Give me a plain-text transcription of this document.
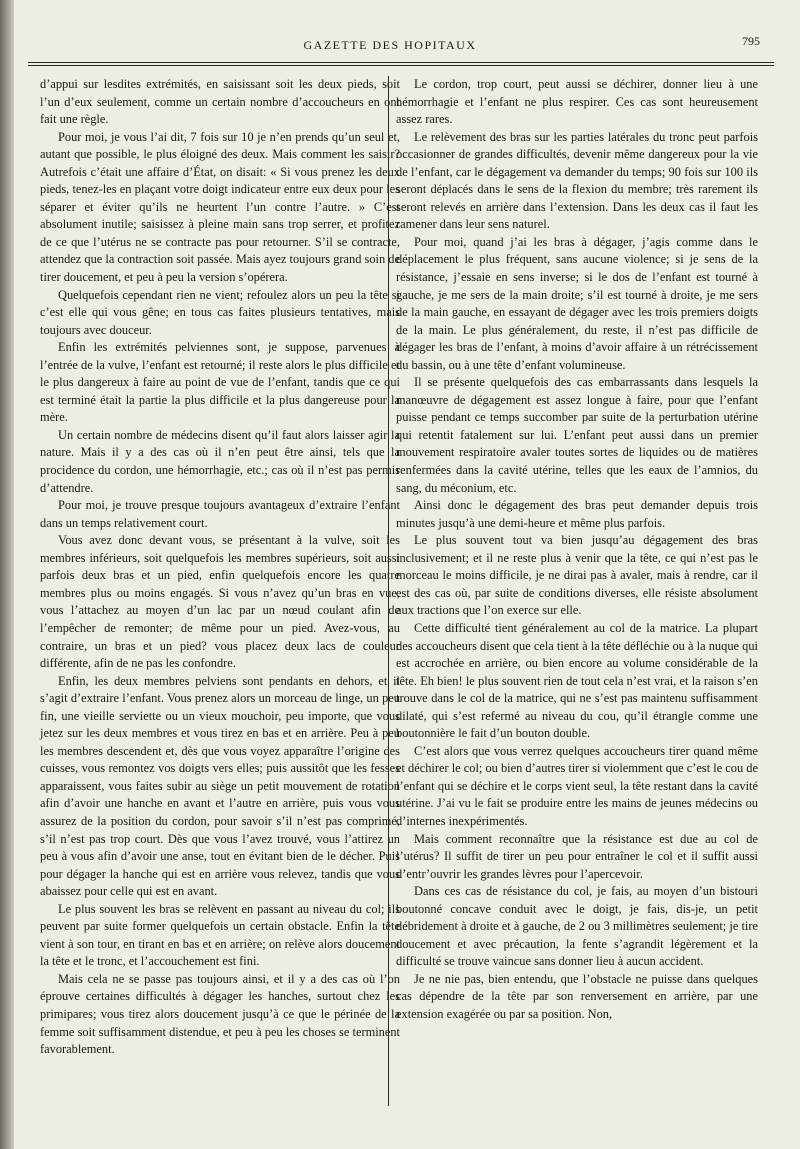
GAZETTE DES HOPITAUX	795

d’appui sur lesdites extrémités, en saisissant soit les deux pieds, soit l’un d’eux seulement, comme un certain nombre d’accoucheurs en ont fait une règle.

Pour moi, je vous l’ai dit, 7 fois sur 10 je n’en prends qu’un seul et, autant que possible, le plus éloigné des deux. Mais comment les saisir? Autrefois c’était une affaire d’État, on disait: « Si vous prenez les deux pieds, tenez-les en plaçant votre doigt indicateur entre eux deux pour les séparer et éviter qu’ils ne heurtent l’un contre l’autre. » C’est absolument inutile; saisissez à pleine main sans trop serrer, et profitez de ce que l’utérus ne se contracte pas pour retourner. S’il se contracte, attendez que la contraction soit passée. Mais ayez toujours grand soin de tirer doucement, et peu à peu la version s’opérera.

Quelquefois cependant rien ne vient; refoulez alors un peu la tête si c’est elle qui vous gêne; en tous cas faites plusieurs tentatives, mais toujours avec douceur.

Enfin les extrémités pelviennes sont, je suppose, parvenues à l’entrée de la vulve, l’enfant est retourné; il reste alors le plus difficile et le plus dangereux à faire au point de vue de l’enfant, tandis que ce qui est terminé était la partie la plus difficile et la plus dangereuse pour la mère.

Un certain nombre de médecins disent qu’il faut alors laisser agir la nature. Mais il y a des cas où il n’en peut être ainsi, tels que la procidence du cordon, une hémorrhagie, etc.; cas où il n’est pas permis d’attendre.

Pour moi, je trouve presque toujours avantageux d’extraire l’enfant dans un temps relativement court.

Vous avez donc devant vous, se présentant à la vulve, soit les membres inférieurs, soit quelquefois les membres supérieurs, soit aussi parfois deux bras et un pied, enfin quelquefois encore les quatre membres plus ou moins engagés. Si vous n’avez qu’un bras en vue, vous l’attachez au moyen d’un lac par un nœud coulant afin de l’empêcher de remonter; de même pour un pied. Avez-vous, au contraire, un bras et un pied? vous placez deux lacs de couleur différente, afin de ne pas les confondre.

Enfin, les deux membres pelviens sont pendants en dehors, et il s’agit d’extraire l’enfant. Vous prenez alors un morceau de linge, un peu fin, une vieille serviette ou un vieux mouchoir, peu importe, que vous jetez sur les deux membres et vous tirez en bas et en arrière. Peu à peu les membres descendent et, dès que vous voyez apparaître l’origine des cuisses, vous remontez vos doigts vers elles; puis aussitôt que les fesses apparaissent, vous faites subir au siège un petit mouvement de rotation afin d’avoir une hanche en avant et l’autre en arrière, puis vous vous assurez de la position du cordon, pour savoir s’il n’est pas comprimé, s’il n’est pas trop court. Dès que vous l’avez trouvé, vous l’attirez un peu à vous afin d’avoir une anse, tout en évitant bien de le décher. Puis pour dégager la hanche qui est en arrière vous relevez, tandis que vous abaissez pour celle qui est en avant.

Le plus souvent les bras se relèvent en passant au niveau du col; ils peuvent par suite former quelquefois un certain obstacle. Enfin la tête vient à son tour, en tirant en bas et en arrière; on relève alors doucement la tête et le tronc, et l’accouchement est fini.

Mais cela ne se passe pas toujours ainsi, et il y a des cas où l’on éprouve certaines difficultés à dégager les hanches, surtout chez les primipares; vous tirez alors doucement jusqu’à ce que le périnée de la femme soit suffisamment distendue, et peu à peu les choses se terminent favorablement.

Le cordon, trop court, peut aussi se déchirer, donner lieu à une hémorrhagie et l’enfant ne plus respirer. Ces cas sont heureusement assez rares.

Le relèvement des bras sur les parties latérales du tronc peut parfois occasionner de grandes difficultés, devenir même dangereux pour la vie de l’enfant, car le dégagement va demander du temps; 90 fois sur 100 ils seront déplacés dans le sens de la flexion du membre; très rarement ils seront relevés en arrière dans l’extension. Dans les deux cas il faut les ramener dans leur sens naturel.

Pour moi, quand j’ai les bras à dégager, j’agis comme dans le déplacement le plus fréquent, sans aucune violence; si je sens de la résistance, j’essaie en sens inverse; si le dos de l’enfant est tourné à gauche, je me sers de la main droite; s’il est tourné à droite, je me sers de la main gauche, en essayant de dégager avec les trois premiers doigts de la main. Le plus généralement, du reste, il n’est pas difficile de dégager les bras de l’enfant, à moins d’avoir affaire à un rétrécissement du bassin, ou à une tête d’enfant volumineuse.

Il se présente quelquefois des cas embarrassants dans lesquels la manœuvre de dégagement est assez longue à faire, pour que l’enfant puisse pendant ce temps succomber par suite de la perturbation utérine qui retentit fatalement sur lui. L’enfant peut aussi dans un premier mouvement respiratoire avaler toutes sortes de liquides ou de matières renfermées dans la cavité utérine, telles que les eaux de l’amnios, du sang, du méconium, etc.

Ainsi donc le dégagement des bras peut demander depuis trois minutes jusqu’à une demi-heure et même plus parfois.

Le plus souvent tout va bien jusqu’au dégagement des bras inclusivement; et il ne reste plus à venir que la tête, ce qui n’est pas le morceau le moins difficile, je ne dirai pas à avaler, mais à rendre, car il est des cas où, par suite de conditions diverses, elle résiste absolument aux tractions que l’on exerce sur elle.

Cette difficulté tient généralement au col de la matrice. La plupart des accoucheurs disent que cela tient à la tête défléchie ou à la nuque qui est accrochée en arrière, ou bien encore au volume considérable de la tête. Eh bien! le plus souvent rien de tout cela n’est vrai, et la raison s’en trouve dans le col de la matrice, qui ne s’est pas maintenu suffisamment dilaté, qui s’est refermé au niveau du cou, qu’il étrangle comme une boutonnière le fait d’un bouton double.

C’est alors que vous verrez quelques accoucheurs tirer quand même et déchirer le col; ou bien d’autres tirer si violemment que c’est le cou de l’enfant qui se déchire et le corps vient seul, la tête restant dans la cavité utérine. J’ai vu le fait se produire entre les mains de jeunes médecins ou d’internes inexpérimentés.

Mais comment reconnaître que la résistance est due au col de l’utérus? Il suffit de tirer un peu pour entraîner le col et il suffit aussi d’entr’ouvrir les grandes lèvres pour l’apercevoir.

Dans ces cas de résistance du col, je fais, au moyen d’un bistouri boutonné concave conduit avec le doigt, je fais, dis-je, un petit débridement à droite et à gauche, de 2 ou 3 millimètres seulement; je tire doucement et avec précaution, la fente s’agrandit légèrement et la difficulté se trouve vaincue sans donner lieu à aucun accident.

Je ne nie pas, bien entendu, que l’obstacle ne puisse dans quelques cas dépendre de la tête par son renversement en arrière, par une extension exagérée ou par sa position. Non,
